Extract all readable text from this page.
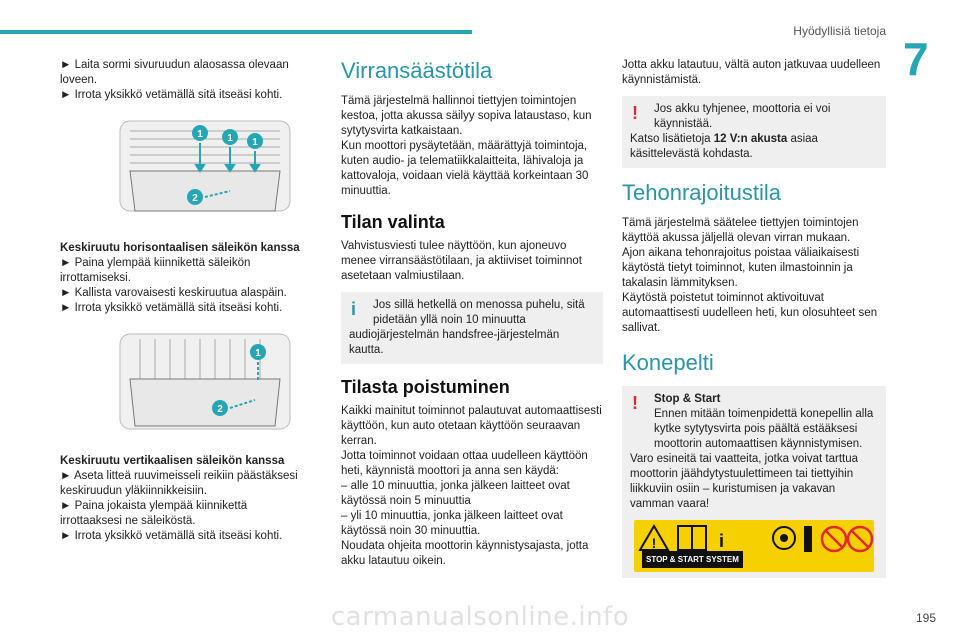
Hyödyllisiä tietoja
7
► Laita sormi sivuruudun alaosassa olevaan loveen.
► Irrota yksikkö vetämällä sitä itseäsi kohti.
1 1 1
2
Keskiruutu horisontaalisen säleikön kanssa
► Paina ylempää kiinnikettä säleikön irrottamiseksi.
► Kallista varovaisesti keskiruutua alaspäin.
► Irrota yksikkö vetämällä sitä itseäsi kohti.
1
2
Keskiruutu vertikaalisen säleikön kanssa
► Aseta litteä ruuvimeisseli reikiin päästäksesi keskiruudun yläkiinnikkeisiin.
► Paina jokaista ylempää kiinnikettä irrottaaksesi ne säleiköstä.
► Irrota yksikkö vetämällä sitä itseäsi kohti.
Virransäästötila
Tämä järjestelmä hallinnoi tiettyjen toimintojen kestoa, jotta akussa säilyy sopiva lataustaso, kun sytytysvirta katkaistaan.
Kun moottori pysäytetään, määrättyjä toimintoja, kuten audio- ja telematiikkalaitteita, lähivaloja ja kattovaloja, voidaan vielä käyttää korkeintaan 30 minuuttia.
Tilan valinta
Vahvistusviesti tulee näyttöön, kun ajoneuvo menee virransäästötilaan, ja aktiiviset toiminnot asetetaan valmiustilaan.
i	Jos sillä hetkellä on menossa puhelu, sitä pidetään yllä noin 10 minuutta
audiojärjestelmän handsfree-järjestelmän kautta.
Tilasta poistuminen
Kaikki mainitut toiminnot palautuvat automaattisesti käyttöön, kun auto otetaan käyttöön seuraavan kerran.
Jotta toiminnot voidaan ottaa uudelleen käyttöön heti, käynnistä moottori ja anna sen käydä:
– alle 10 minuuttia, jonka jälkeen laitteet ovat käytössä noin 5 minuuttia
– yli 10 minuuttia, jonka jälkeen laitteet ovat käytössä noin 30 minuuttia.
Noudata ohjeita moottorin käynnistysajasta, jotta akku latautuu oikein.
Jotta akku latautuu, vältä auton jatkuvaa uudelleen käynnistämistä.
!	Jos akku tyhjenee, moottoria ei voi käynnistää.
Katso lisätietoja 12 V:n akusta asiaa käsittelevästä kohdasta.
Tehonrajoitustila
Tämä järjestelmä säätelee tiettyjen toimintojen käyttöä akussa jäljellä olevan virran mukaan.
Ajon aikana tehonrajoitus poistaa väliaikaisesti käytöstä tietyt toiminnot, kuten ilmastoinnin ja takalasin lämmityksen.
Käytöstä poistetut toiminnot aktivoituvat automaattisesti uudelleen heti, kun olosuhteet sen sallivat.
Konepelti
!	Stop & Start
Ennen mitään toimenpidettä konepellin alla kytke sytytysvirta pois päältä estääksesi moottorin automaattisen käynnistymisen.
Varo esineitä tai vaatteita, jotka voivat tarttua moottorin jäähdytystuulettimeen tai tiettyihin liikkuviin osiin – kuristumisen ja vakavan vamman vaara!
!	i
STOP & START SYSTEM
carmanualsonline.info	195
